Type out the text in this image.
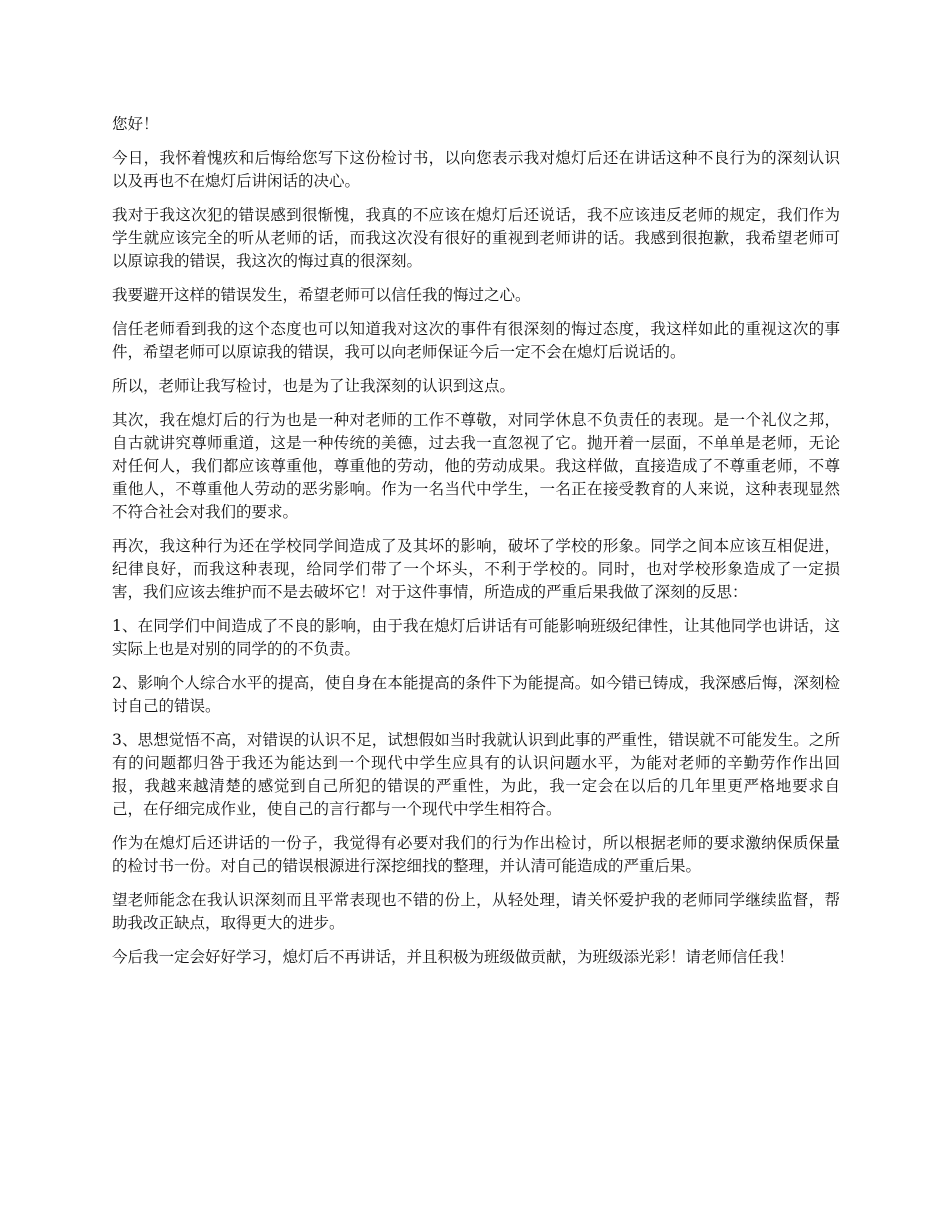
您好！

今日，我怀着愧疚和后悔给您写下这份检讨书，以向您表示我对熄灯后还在讲话这种不良行为的深刻认识以及再也不在熄灯后讲闲话的决心。

我对于我这次犯的错误感到很惭愧，我真的不应该在熄灯后还说话，我不应该违反老师的规定，我们作为学生就应该完全的听从老师的话，而我这次没有很好的重视到老师讲的话。我感到很抱歉，我希望老师可以原谅我的错误，我这次的悔过真的很深刻。

我要避开这样的错误发生，希望老师可以信任我的悔过之心。

信任老师看到我的这个态度也可以知道我对这次的事件有很深刻的悔过态度，我这样如此的重视这次的事件，希望老师可以原谅我的错误，我可以向老师保证今后一定不会在熄灯后说话的。

所以，老师让我写检讨，也是为了让我深刻的认识到这点。

其次，我在熄灯后的行为也是一种对老师的工作不尊敬，对同学休息不负责任的表现。是一个礼仪之邦，自古就讲究尊师重道，这是一种传统的美德，过去我一直忽视了它。抛开着一层面，不单单是老师，无论对任何人，我们都应该尊重他，尊重他的劳动，他的劳动成果。我这样做，直接造成了不尊重老师，不尊重他人，不尊重他人劳动的恶劣影响。作为一名当代中学生，一名正在接受教育的人来说，这种表现显然不符合社会对我们的要求。

再次，我这种行为还在学校同学间造成了及其坏的影响，破坏了学校的形象。同学之间本应该互相促进，纪律良好，而我这种表现，给同学们带了一个坏头，不利于学校的。同时，也对学校形象造成了一定损害，我们应该去维护而不是去破坏它！对于这件事情，所造成的严重后果我做了深刻的反思：

1、在同学们中间造成了不良的影响，由于我在熄灯后讲话有可能影响班级纪律性，让其他同学也讲话，这实际上也是对别的同学的的不负责。

2、影响个人综合水平的提高，使自身在本能提高的条件下为能提高。如今错已铸成，我深感后悔，深刻检讨自己的错误。

3、思想觉悟不高，对错误的认识不足，试想假如当时我就认识到此事的严重性，错误就不可能发生。之所有的问题都归咎于我还为能达到一个现代中学生应具有的认识问题水平，为能对老师的辛勤劳作作出回报，我越来越清楚的感觉到自己所犯的错误的严重性，为此，我一定会在以后的几年里更严格地要求自己，在仔细完成作业，使自己的言行都与一个现代中学生相符合。

作为在熄灯后还讲话的一份子，我觉得有必要对我们的行为作出检讨，所以根据老师的要求激纳保质保量的检讨书一份。对自己的错误根源进行深挖细找的整理，并认清可能造成的严重后果。

望老师能念在我认识深刻而且平常表现也不错的份上，从轻处理，请关怀爱护我的老师同学继续监督，帮助我改正缺点，取得更大的进步。

今后我一定会好好学习，熄灯后不再讲话，并且积极为班级做贡献，为班级添光彩！请老师信任我！
